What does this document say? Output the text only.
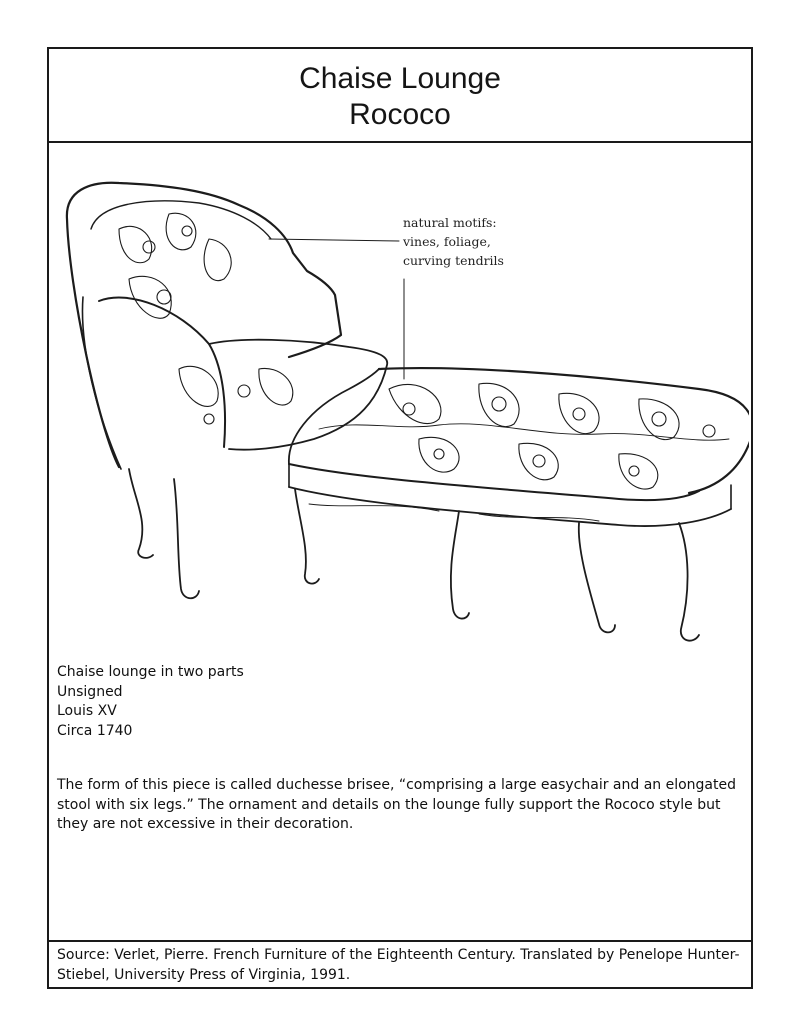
Chaise Lounge
Rococo
natural motifs:
vines, foliage,
curving tendrils
Chaise lounge in two parts
Unsigned
Louis XV
Circa 1740
The form of this piece is called duchesse brisee, “comprising a large easychair and an elongated stool with six legs.” The ornament and details on the lounge fully support the Rococo style but they are not excessive in their decoration.
Source: Verlet, Pierre. French Furniture of the Eighteenth Century. Translated by Penelope Hunter-Stiebel, University Press of Virginia, 1991.
